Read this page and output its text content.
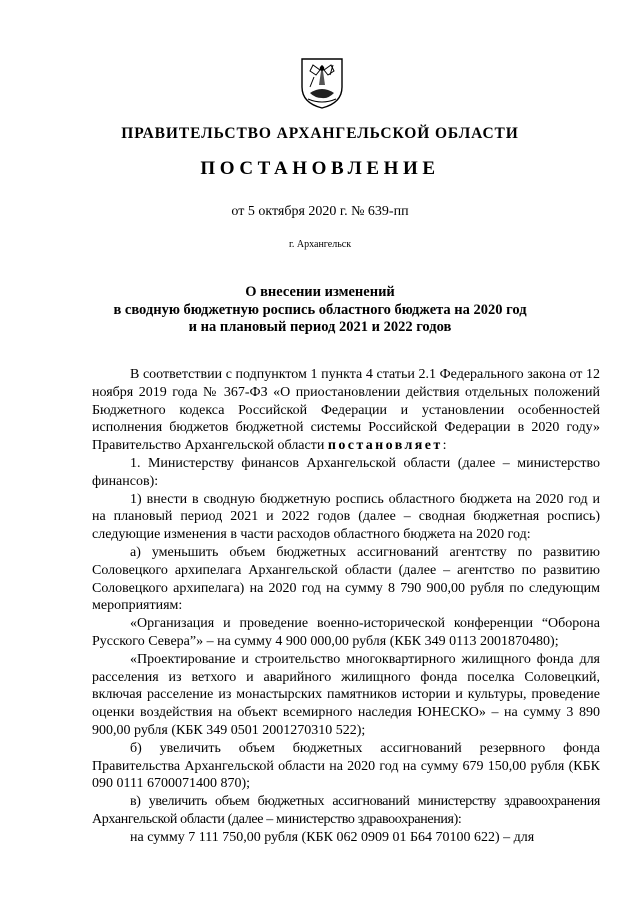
ПРАВИТЕЛЬСТВО АРХАНГЕЛЬСКОЙ ОБЛАСТИ
ПОСТАНОВЛЕНИЕ
от 5 октября 2020 г. № 639-пп
г. Архангельск
О внесении изменений
в сводную бюджетную роспись областного бюджета на 2020 год
и на плановый период 2021 и 2022 годов

В соответствии с подпунктом 1 пункта 4 статьи 2.1 Федерального закона от 12 ноября 2019 года № 367-ФЗ «О приостановлении действия отдельных положений Бюджетного кодекса Российской Федерации и установлении особенностей исполнения бюджетов бюджетной системы Российской Федерации в 2020 году» Правительство Архангельской области постановляет:

1. Министерству финансов Архангельской области (далее – министерство финансов):

1) внести в сводную бюджетную роспись областного бюджета на 2020 год и на плановый период 2021 и 2022 годов (далее – сводная бюджетная роспись) следующие изменения в части расходов областного бюджета на 2020 год:

а) уменьшить объем бюджетных ассигнований агентству по развитию Соловецкого архипелага Архангельской области (далее – агентство по развитию Соловецкого архипелага) на 2020 год на сумму 8 790 900,00 рубля по следующим мероприятиям:

«Организация и проведение военно-исторической конференции “Оборона Русского Севера”» – на сумму 4 900 000,00 рубля (КБК 349 0113 2001870480);

«Проектирование и строительство многоквартирного жилищного фонда для расселения из ветхого и аварийного жилищного фонда поселка Соловецкий, включая расселение из монастырских памятников истории и культуры, проведение оценки воздействия на объект всемирного наследия ЮНЕСКО» – на сумму 3 890 900,00 рубля (КБК 349 0501 2001270310 522);

б) увеличить объем бюджетных ассигнований резервного фонда Правительства Архангельской области на 2020 год на сумму 679 150,00 рубля (КБК 090 0111 6700071400 870);

в) увеличить объем бюджетных ассигнований министерству здравоохранения Архангельской области (далее – министерство здравоохранения):

на сумму 7 111 750,00 рубля (КБК 062 0909 01 Б64 70100 622) – для
